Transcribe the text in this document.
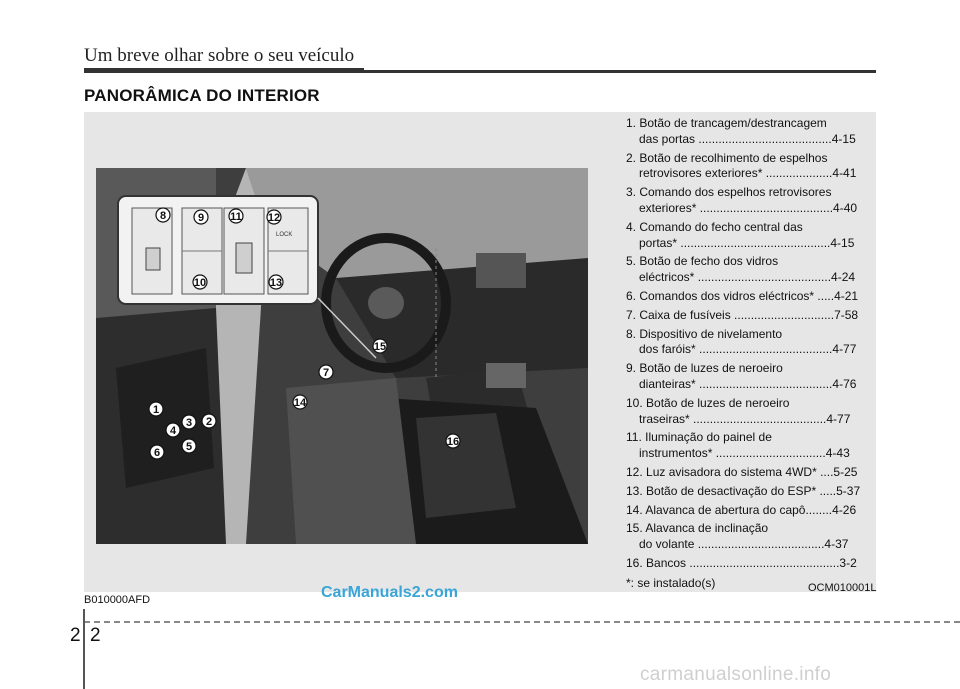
Um breve olhar sobre o seu veículo
PANORÂMICA DO INTERIOR
LOCK
8	9 11 12
10	13
15
7
14
16
1
3 2
4
5
6
1. Botão de trancagem/destrancagem
das portas ........................................4-15
2. Botão de recolhimento de espelhos
retrovisores exteriores* ....................4-41
3. Comando dos espelhos retrovisores
exteriores* ........................................4-40
4. Comando do fecho central das
portas* .............................................4-15
5. Botão de fecho dos vidros
eléctricos* ........................................4-24
6. Comandos dos vidros eléctricos* .....4-21
7. Caixa de fusíveis ..............................7-58
8. Dispositivo de nivelamento
dos faróis* ........................................4-77
9. Botão de luzes de neroeiro
dianteiras* ........................................4-76
10. Botão de luzes de neroeiro
traseiras* ........................................4-77
11. Iluminação do painel de
instrumentos* .................................4-43
12. Luz avisadora do sistema 4WD* ....5-25
13. Botão de desactivação do ESP* .....5-37
14. Alavanca de abertura do capô........4-26
15. Alavanca de inclinação
do volante ......................................4-37
16. Bancos .............................................3-2
*: se instalado(s)
B010000AFD
OCM010001L
CarManuals2.com
2 2
carmanualsonline.info
